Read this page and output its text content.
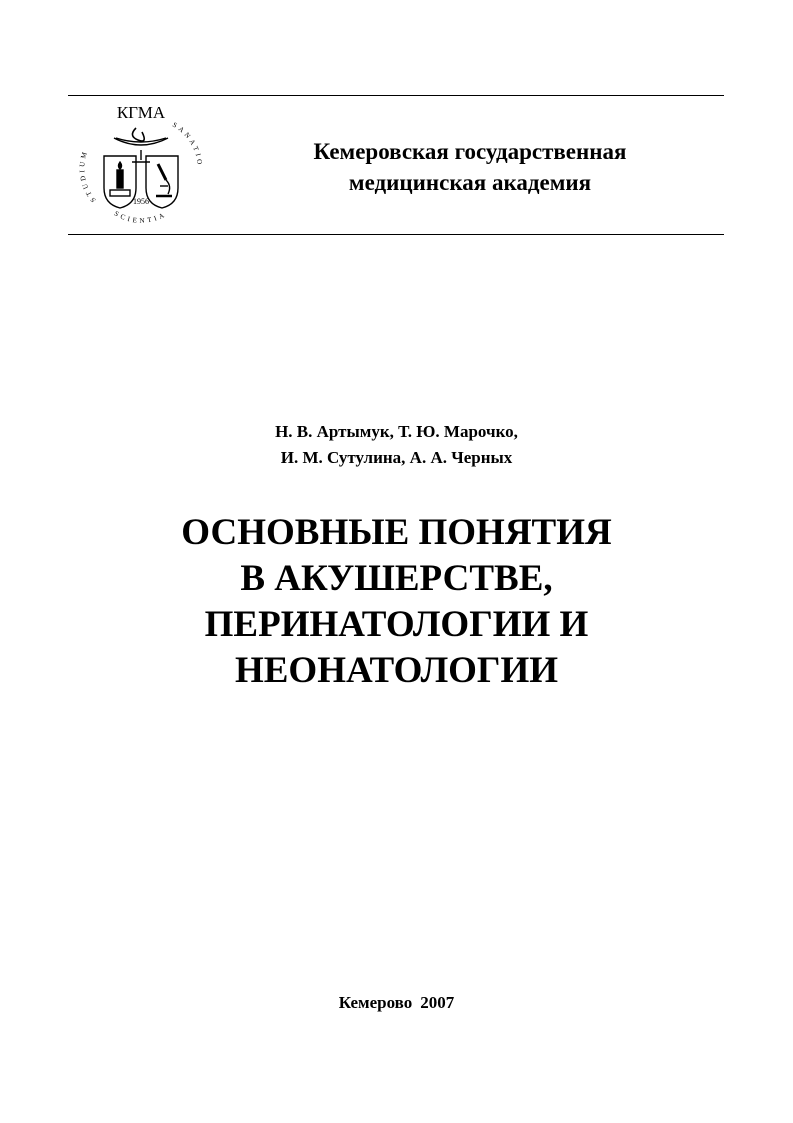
КГМА
STUDIUM
SCIENTIA
SANATIO
1956
Кемеровская государственная
медицинская академия
Н. В. Артымук, Т. Ю. Марочко,
И. М. Сутулина, А. А. Черных
ОСНОВНЫЕ ПОНЯТИЯ
В АКУШЕРСТВЕ,
ПЕРИНАТОЛОГИИ И
НЕОНАТОЛОГИИ
Кемерово 2007
